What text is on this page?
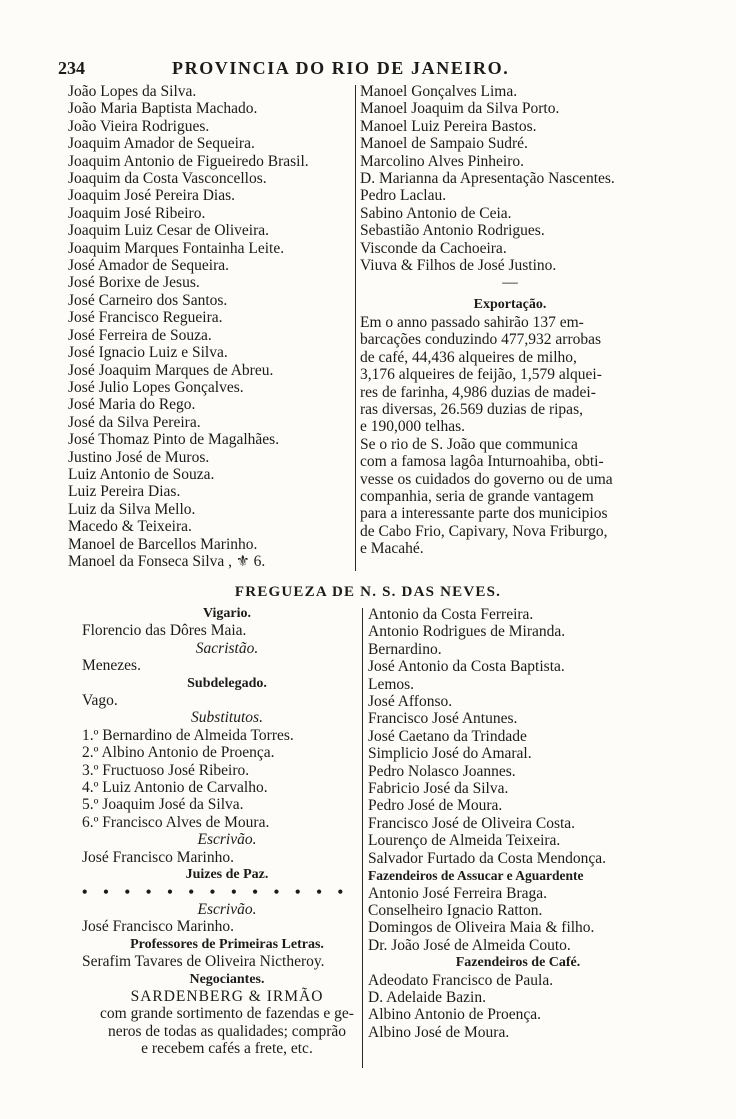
234	PROVINCIA DO RIO DE JANEIRO.
João Lopes da Silva.
João Maria Baptista Machado.
João Vieira Rodrigues.
Joaquim Amador de Sequeira.
Joaquim Antonio de Figueiredo Brasil.
Joaquim da Costa Vasconcellos.
Joaquim José Pereira Dias.
Joaquim José Ribeiro.
Joaquim Luiz Cesar de Oliveira.
Joaquim Marques Fontainha Leite.
José Amador de Sequeira.
José Borixe de Jesus.
José Carneiro dos Santos.
José Francisco Regueira.
José Ferreira de Souza.
José Ignacio Luiz e Silva.
José Joaquim Marques de Abreu.
José Julio Lopes Gonçalves.
José Maria do Rego.
José da Silva Pereira.
José Thomaz Pinto de Magalhães.
Justino José de Muros.
Luiz Antonio de Souza.
Luiz Pereira Dias.
Luiz da Silva Mello.
Macedo & Teixeira.
Manoel de Barcellos Marinho.
Manoel da Fonseca Silva , ⚜ 6.
Manoel Gonçalves Lima.
Manoel Joaquim da Silva Porto.
Manoel Luiz Pereira Bastos.
Manoel de Sampaio Sudré.
Marcolino Alves Pinheiro.
D. Marianna da Apresentação Nascentes.
Pedro Laclau.
Sabino Antonio de Ceia.
Sebastião Antonio Rodrigues.
Visconde da Cachoeira.
Viuva & Filhos de José Justino.
—
Exportação.
Em o anno passado sahirão 137 em-
barcações conduzindo 477,932 arrobas
de café, 44,436 alqueires de milho,
3,176 alqueires de feijão, 1,579 alquei-
res de farinha, 4,986 duzias de madei-
ras diversas, 26.569 duzias de ripas,
e 190,000 telhas.
Se o rio de S. João que communica
com a famosa lagôa Inturnoahiba, obti-
vesse os cuidados do governo ou de uma
companhia, seria de grande vantagem
para a interessante parte dos municipios
de Cabo Frio, Capivary, Nova Friburgo,
e Macahé.
FREGUEZA DE N. S. DAS NEVES.
Vigario.
Florencio das Dôres Maia.
Sacristão.
Menezes.
Subdelegado.
Vago.
Substitutos.
1.º Bernardino de Almeida Torres.
2.º Albino Antonio de Proença.
3.º Fructuoso José Ribeiro.
4.º Luiz Antonio de Carvalho.
5.º Joaquim José da Silva.
6.º Francisco Alves de Moura.
Escrivão.
José Francisco Marinho.
Juizes de Paz.
• • • • • • • • • • • • •
Escrivão.
José Francisco Marinho.
Professores de Primeiras Letras.
Serafim Tavares de Oliveira Nictheroy.
Negociantes.
SARDENBERG & IRMÃO
com grande sortimento de fazendas e ge-
neros de todas as qualidades; comprão
e recebem cafés a frete, etc.
Antonio da Costa Ferreira.
Antonio Rodrigues de Miranda.
Bernardino.
José Antonio da Costa Baptista.
Lemos.
José Affonso.
Francisco José Antunes.
José Caetano da Trindade
Simplicio José do Amaral.
Pedro Nolasco Joannes.
Fabricio José da Silva.
Pedro José de Moura.
Francisco José de Oliveira Costa.
Lourenço de Almeida Teixeira.
Salvador Furtado da Costa Mendonça.
Fazendeiros de Assucar e Aguardente
Antonio José Ferreira Braga.
Conselheiro Ignacio Ratton.
Domingos de Oliveira Maia & filho.
Dr. João José de Almeida Couto.
Fazendeiros de Café.
Adeodato Francisco de Paula.
D. Adelaide Bazin.
Albino Antonio de Proença.
Albino José de Moura.
